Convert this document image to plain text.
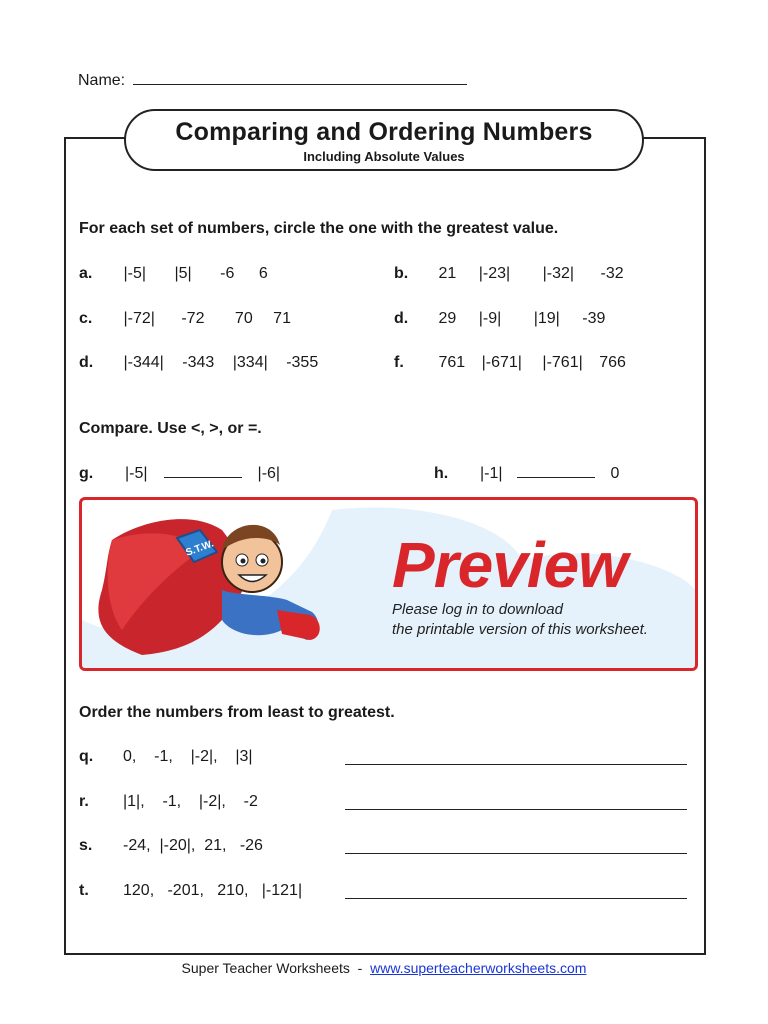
Name:
Comparing and Ordering Numbers
Including Absolute Values
For each set of numbers, circle the one with the greatest value.
a. |-5| |5| -6 6	b. 21 |-23| |-32| -32
c. |-72| -72 70 71	d. 29 |-9| |19| -39
d. |-344| -343 |334| -355	f. 761 |-671| |-761| 766
Compare. Use <, >, or =.
g. |-5|	|-6|	h. |-1|	0
S.T.W.	Preview
Please log in to download
the printable version of this worksheet.
Order the numbers from least to greatest.
q. 0,    -1,    |-2|,    |3|
r. |1|,    -1,    |-2|,    -2
s. -24,  |-20|,  21,   -26
t. 120,   -201,   210,   |-121|
Super Teacher Worksheets  -  www.superteacherworksheets.com
